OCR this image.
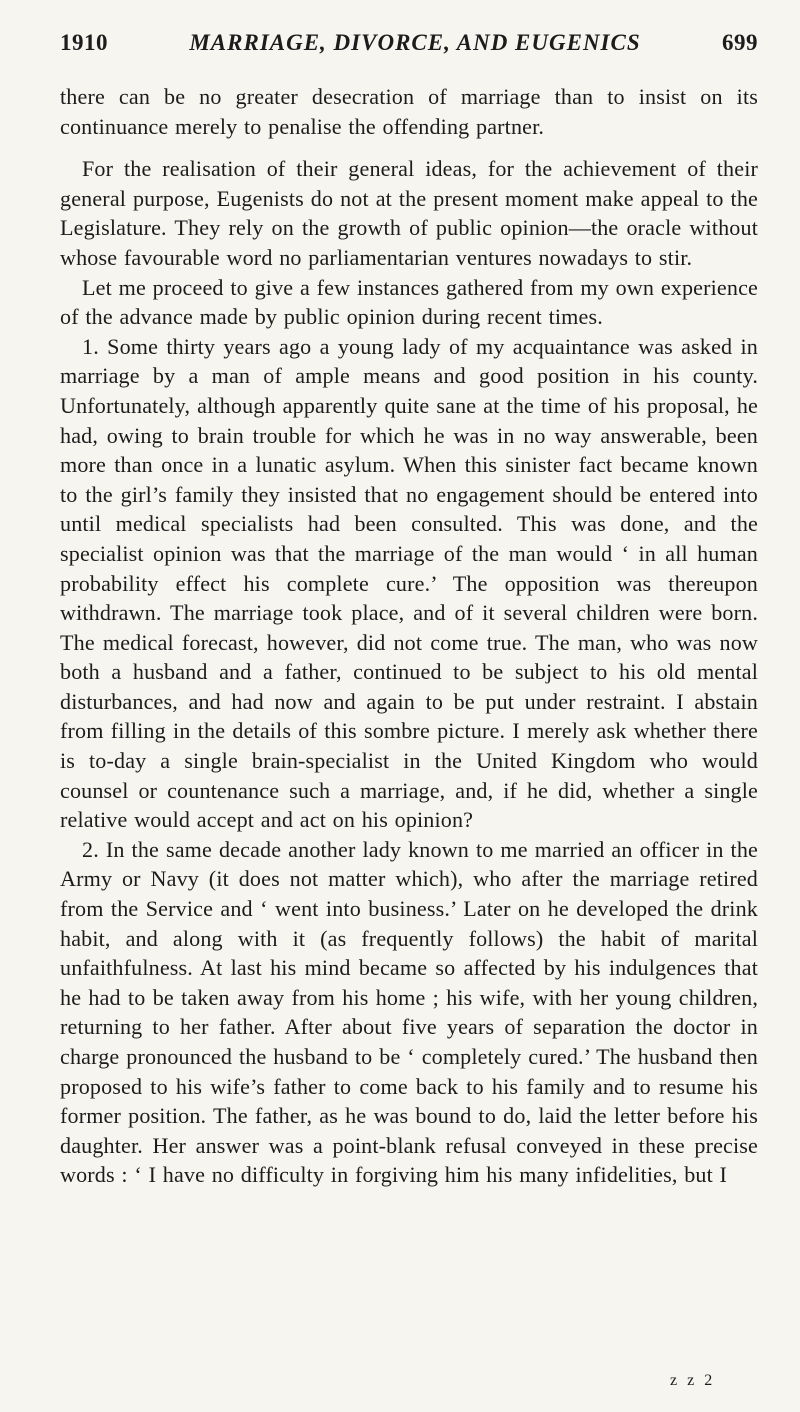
1910	MARRIAGE, DIVORCE, AND EUGENICS	699

there can be no greater desecration of marriage than to insist on its continuance merely to penalise the offending partner.

For the realisation of their general ideas, for the achievement of their general purpose, Eugenists do not at the present moment make appeal to the Legislature. They rely on the growth of public opinion—the oracle without whose favourable word no parliamentarian ventures nowadays to stir.

Let me proceed to give a few instances gathered from my own experience of the advance made by public opinion during recent times.

1. Some thirty years ago a young lady of my acquaintance was asked in marriage by a man of ample means and good position in his county. Unfortunately, although apparently quite sane at the time of his proposal, he had, owing to brain trouble for which he was in no way answerable, been more than once in a lunatic asylum. When this sinister fact became known to the girl’s family they insisted that no engagement should be entered into until medical specialists had been consulted. This was done, and the specialist opinion was that the marriage of the man would ‘ in all human probability effect his complete cure.’ The opposition was thereupon withdrawn. The marriage took place, and of it several children were born. The medical forecast, however, did not come true. The man, who was now both a husband and a father, continued to be subject to his old mental disturbances, and had now and again to be put under restraint. I abstain from filling in the details of this sombre picture. I merely ask whether there is to-day a single brain-specialist in the United Kingdom who would counsel or countenance such a marriage, and, if he did, whether a single relative would accept and act on his opinion?

2. In the same decade another lady known to me married an officer in the Army or Navy (it does not matter which), who after the marriage retired from the Service and ‘ went into business.’ Later on he developed the drink habit, and along with it (as frequently follows) the habit of marital unfaithfulness. At last his mind became so affected by his indulgences that he had to be taken away from his home ; his wife, with her young children, returning to her father. After about five years of separation the doctor in charge pronounced the husband to be ‘ completely cured.’ The husband then proposed to his wife’s father to come back to his family and to resume his former position. The father, as he was bound to do, laid the letter before his daughter. Her answer was a point-blank refusal conveyed in these precise words : ‘ I have no difficulty in forgiving him his many infidelities, but I

z z 2
